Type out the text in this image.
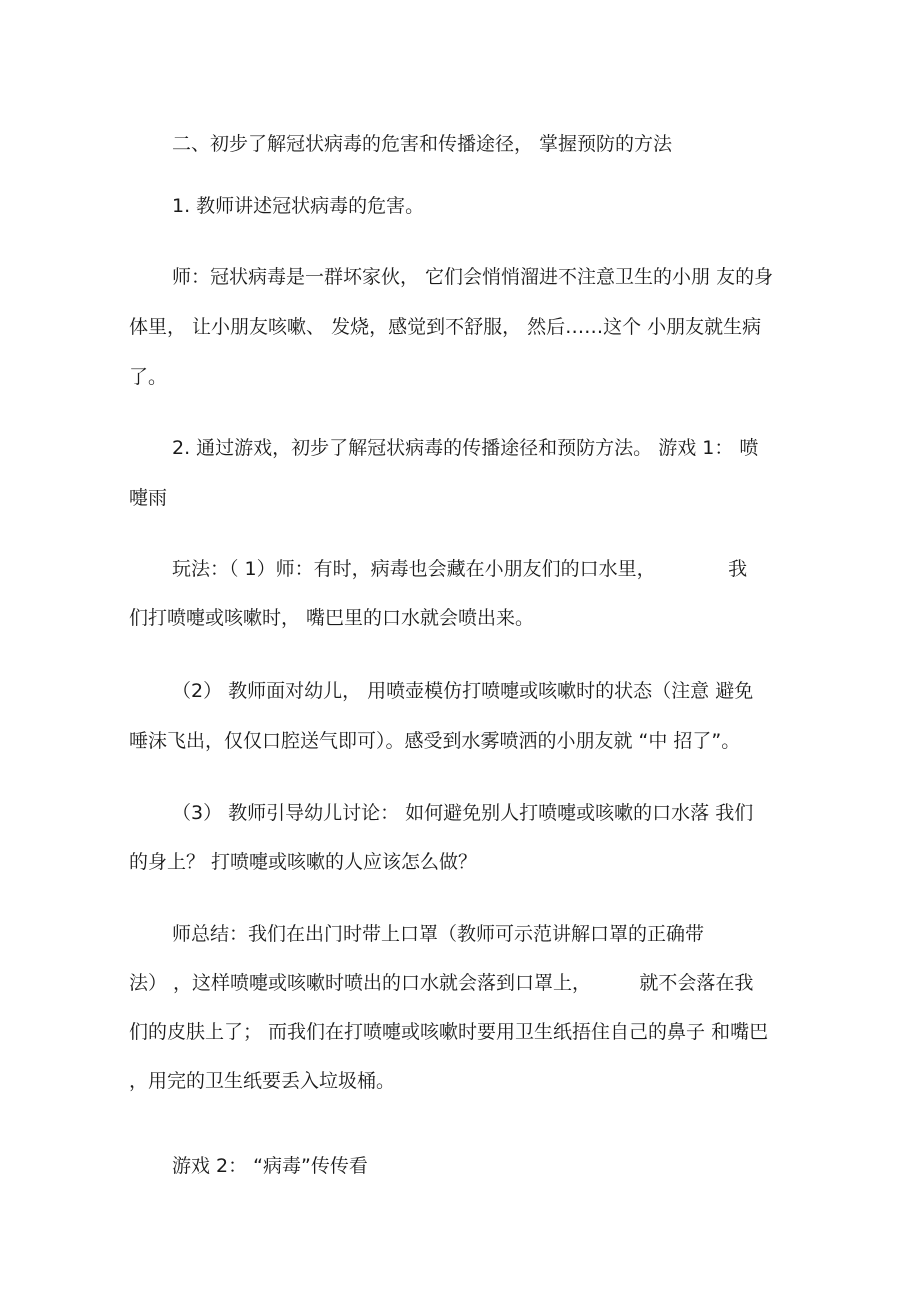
二、初步了解冠状病毒的危害和传播途径， 掌握预防的方法
1. 教师讲述冠状病毒的危害。
师：冠状病毒是一群坏家伙， 它们会悄悄溜进不注意卫生的小朋 友的身
体里， 让小朋友咳嗽、 发烧，感觉到不舒服， 然后……这个 小朋友就生病
了。
2. 通过游戏，初步了解冠状病毒的传播途径和预防方法。 游戏 1： 喷
嚏雨
玩法：（ 1）师：有时，病毒也会藏在小朋友们的口水里，            我
们打喷嚏或咳嗽时， 嘴巴里的口水就会喷出来。
（2） 教师面对幼儿， 用喷壶模仿打喷嚏或咳嗽时的状态（注意 避免
唾沫飞出，仅仅口腔送气即可）。感受到水雾喷洒的小朋友就 “中 招了”。
（3） 教师引导幼儿讨论： 如何避免别人打喷嚏或咳嗽的口水落 我们
的身上？ 打喷嚏或咳嗽的人应该怎么做？
师总结：我们在出门时带上口罩（教师可示范讲解口罩的正确带
法） ，这样喷嚏或咳嗽时喷出的口水就会落到口罩上，        就不会落在我
们的皮肤上了； 而我们在打喷嚏或咳嗽时要用卫生纸捂住自己的鼻子 和嘴巴
，用完的卫生纸要丢入垃圾桶。
游戏 2： “病毒”传传看
